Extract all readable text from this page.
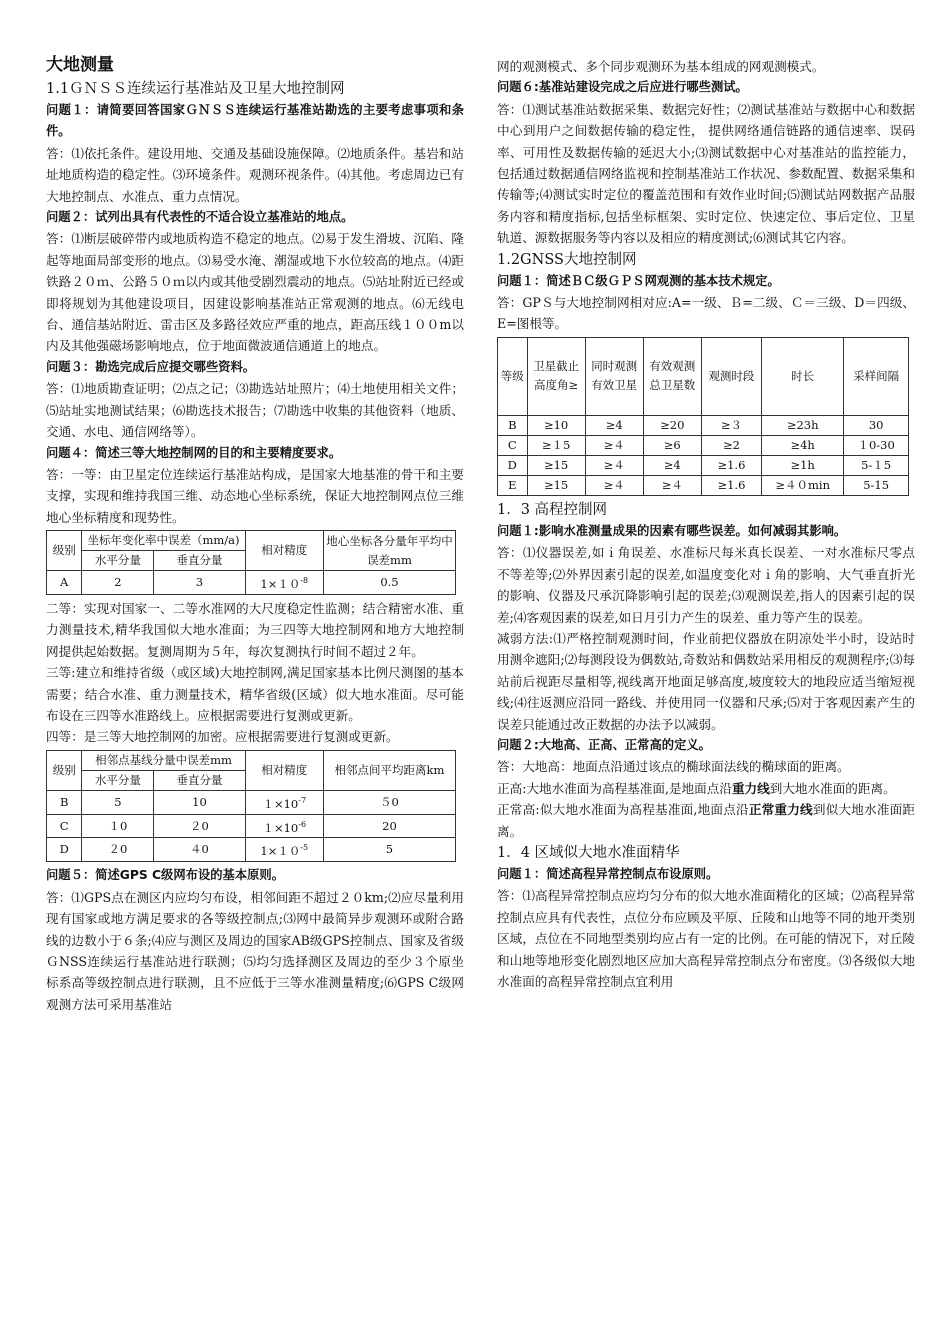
大地测量

1.1ＧＮＳＳ连续运行基准站及卫星大地控制网

问题１：请简要回答国家ＧＮＳＳ连续运行基准站勘选的主要考虑事项和条件。

答：⑴依托条件。建设用地、交通及基础设施保障。⑵地质条件。基岩和站址地质构造的稳定性。⑶环境条件。观测环视条件。⑷其他。考虑周边已有大地控制点、水准点、重力点情况。

问题２：试列出具有代表性的不适合设立基准站的地点。

答：⑴断层破碎带内或地质构造不稳定的地点。⑵易于发生滑坡、沉陷、隆起等地面局部变形的地点。⑶易受水淹、潮湿或地下水位较高的地点。⑷距铁路２０ｍ、公路５０ｍ以内或其他受剧烈震动的地点。⑸站址附近已经或即将规划为其他建设项目，因建设影响基准站正常观测的地点。⑹无线电台、通信基站附近、雷击区及多路径效应严重的地点，距高压线１００m以内及其他强磁场影响地点，位于地面微波通信通道上的地点。

问题３：勘选完成后应提交哪些资料。

答：⑴地质勘查证明；⑵点之记；⑶勘选站址照片；⑷土地使用相关文件；⑸站址实地测试结果；⑹勘选技术报告；⑺勘选中收集的其他资料（地质、交通、水电、通信网络等）。

问题４：简述三等大地控制网的目的和主要精度要求。

答：一等：由卫星定位连续运行基准站构成，是国家大地基准的骨干和主要支撑，实现和维持我国三维、动态地心坐标系统，保证大地控制网点位三维地心坐标精度和现势性。

级别	坐标年变化率中误差（mm/a)		相对精度	地心坐标各分量年平均中误差mm
	水平分量	垂直分量		
A	2	3	$1\times 10^{-8}$	0.5

二等：实现对国家一、二等水准网的大尺度稳定性监测；结合精密水准、重力测量技术,精华我国似大地水准面；为三四等大地控制网和地方大地控制网提供起始数据。复测周期为５年，每次复测执行时间不超过２年。

三等:建立和维持省级（或区域)大地控制网,满足国家基本比例尺测图的基本需要；结合水准、重力测量技术，精华省级(区域）似大地水准面。尽可能布设在三四等水准路线上。应根据需要进行复测或更新。

四等：是三等大地控制网的加密。应根据需要进行复测或更新。

级别	相邻点基线分量中误差mm		相对精度	相邻点间平均距离km
	水平分量	垂直分量		
B	5	10	$1\times 10^{-7}$	５0
C	１0	２0	$1\times 10^{-6}$	20
D	２0	４0	$1\times 10^{-5}$	5

问题５：简述GPS C级网布设的基本原则。

答：⑴GPS点在测区内应均匀布设，相邻间距不超过２０km;⑵应尽量利用现有国家或地方满足要求的各等级控制点;⑶网中最简异步观测环或附合路线的边数小于６条;⑷应与测区及周边的国家AB级GPS控制点、国家及省级ＧNSS连续运行基准站进行联测；⑸均匀选择测区及周边的至少３个原坐标系高等级控制点进行联测，且不应低于三等水准测量精度;⑹GPS C级网观测方法可采用基准站

网的观测模式、多个同步观测环为基本组成的网观测模式。

问题６:基准站建设完成之后应进行哪些测试。

答：⑴测试基准站数据采集、数据完好性；⑵测试基准站与数据中心和数据中心到用户之间数据传输的稳定性， 提供网络通信链路的通信速率、误码率、可用性及数据传输的延迟大小;⑶测试数据中心对基准站的监控能力，包括通过数据通信网络监视和控制基准站工作状况、参数配置、数据采集和传输等;⑷测试实时定位的覆盖范围和有效作业时间;⑸测试站网数据产品服务内容和精度指标,包括坐标框架、实时定位、快速定位、事后定位、卫星轨道、源数据服务等内容以及相应的精度测试;⑹测试其它内容。

1.2GNSS大地控制网

问题１：简述ＢＣ级ＧＰＳ网观测的基本技术规定。

答：GPＳ与大地控制网相对应:A=一级、Ｂ=二级、Ｃ＝三级、D＝四级、E=图根等。

等级	卫星截止高度角≥	同时观测有效卫星	有效观测总卫星数	观测时段	时长	采样间隔
B	≥10	≥4	≥20	≥３	≥23h	30
C	≥１5	≥４	≥6	≥2	≥4h	１0-30
D	≥15	≥４	≥4	≥1.6	≥1h	5-１5
E	≥15	≥４	≥４	≥1.6	≥４０min	5-15

1．3 高程控制网

问题１:影响水准测量成果的因素有哪些误差。如何减弱其影响。

答：⑴仪器误差,如ｉ角误差、水准标尺每米真长误差、一对水准标尺零点不等差等;⑵外界因素引起的误差,如温度变化对ｉ角的影响、大气垂直折光的影响、仪器及尺承沉降影响引起的误差;⑶观测误差,指人的因素引起的误差;⑷客观因素的误差,如日月引力产生的误差、重力等产生的误差。

减弱方法:⑴严格控制观测时间，作业前把仪器放在阴凉处半小时，设站时用测伞遮阳;⑵每测段设为偶数站,奇数站和偶数站采用相反的观测程序;⑶每站前后视距尽量相等,视线离开地面足够高度,坡度较大的地段应适当缩短视线;⑷往返测应沿同一路线、并使用同一仪器和尺承;⑸对于客观因素产生的误差只能通过改正数据的办法予以减弱。

问题２:大地高、正高、正常高的定义。

答：大地高：地面点沿通过该点的椭球面法线的椭球面的距离。

正高:大地水准面为高程基准面,是地面点沿重力线到大地水准面的距离。

正常高:似大地水准面为高程基准面,地面点沿正常重力线到似大地水准面距离。

1．4 区域似大地水准面精华

问题１：简述高程异常控制点布设原则。

答：⑴高程异常控制点应均匀分布的似大地水准面精化的区域；⑵高程异常控制点应具有代表性，点位分布应顾及平原、丘陵和山地等不同的地开类别区域，点位在不同地型类别均应占有一定的比例。在可能的情况下，对丘陵和山地等地形变化剧烈地区应加大高程异常控制点分布密度。⑶各级似大地水准面的高程异常控制点宜利用
